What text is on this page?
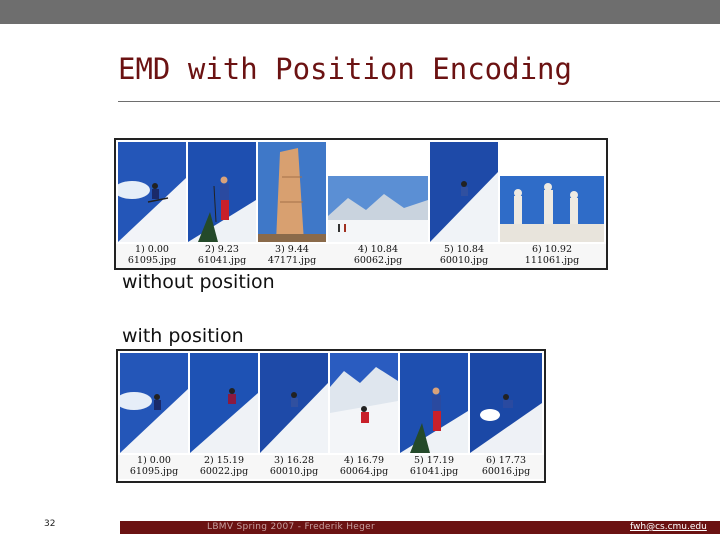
EMD with Position Encoding
1) 0.00
61095.jpg
2) 9.23
61041.jpg
3) 9.44
47171.jpg
4) 10.84
60062.jpg
5) 10.84
60010.jpg
6) 10.92
111061.jpg
without position
with position
1) 0.00
61095.jpg
2) 15.19
60022.jpg
3) 16.28
60010.jpg
4) 16.79
60064.jpg
5) 17.19
61041.jpg
6) 17.73
60016.jpg
32	LBMV Spring 2007 - Frederik Heger	fwh@cs.cmu.edu
